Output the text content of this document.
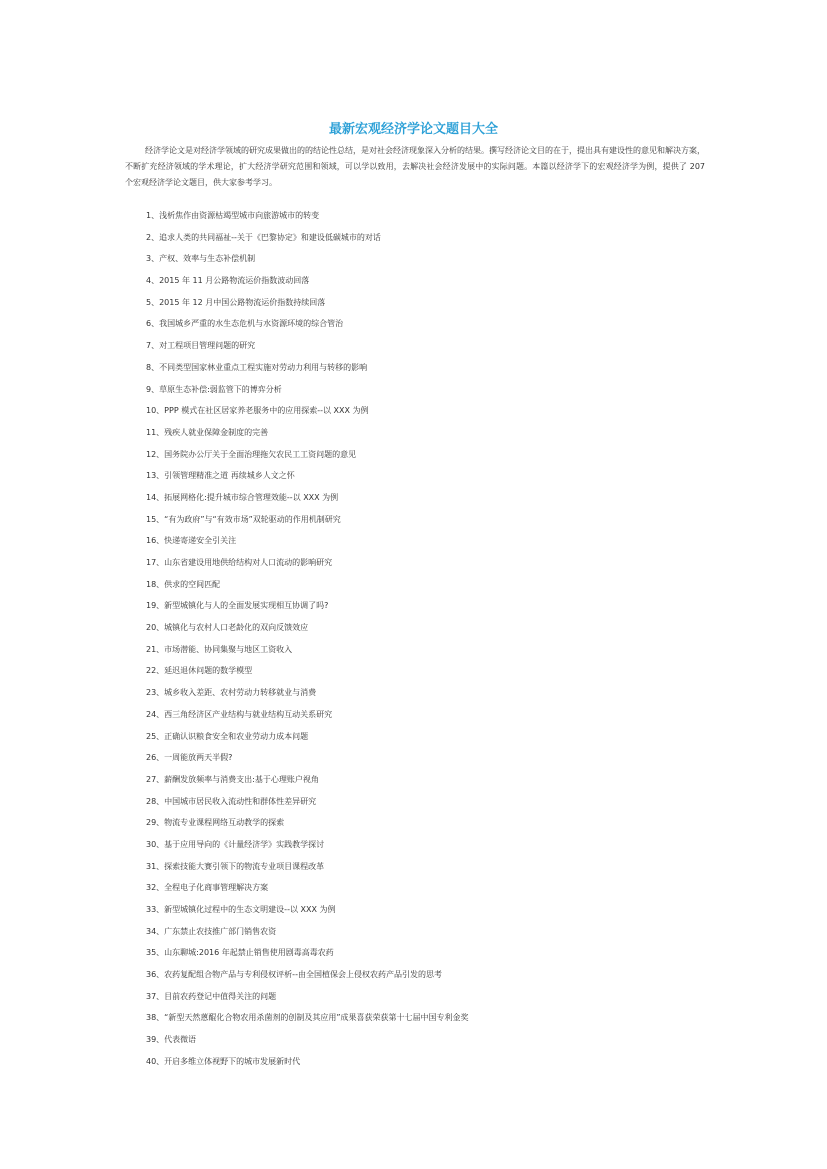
最新宏观经济学论文题目大全

经济学论文是对经济学领域的研究成果做出的的结论性总结，是对社会经济现象深入分析的结果。撰写经济论文目的在于，提出具有建设性的意见和解决方案，不断扩充经济领域的学术理论，扩大经济学研究范围和领域，可以学以致用，去解决社会经济发展中的实际问题。本篇以经济学下的宏观经济学为例，提供了 207 个宏观经济学论文题目，供大家参考学习。

1、浅析焦作由资源枯竭型城市向旅游城市的转变
2、追求人类的共同福祉--关于《巴黎协定》和建设低碳城市的对话
3、产权、效率与生态补偿机制
4、2015 年 11 月公路物流运价指数波动回落
5、2015 年 12 月中国公路物流运价指数持续回落
6、我国城乡严重的水生态危机与水资源环境的综合管治
7、对工程项目管理问题的研究
8、不同类型国家林业重点工程实施对劳动力利用与转移的影响
9、草原生态补偿:弱监管下的博弈分析
10、PPP 模式在社区居家养老服务中的应用探索--以 XXX 为例
11、残疾人就业保障金制度的完善
12、国务院办公厅关于全面治理拖欠农民工工资问题的意见
13、引领管理精准之道 再续城乡人文之怀
14、拓展网格化:提升城市综合管理效能--以 XXX 为例
15、“有为政府”与“有效市场”双轮驱动的作用机制研究
16、快递寄递安全引关注
17、山东省建设用地供给结构对人口流动的影响研究
18、供求的空间匹配
19、新型城镇化与人的全面发展实现相互协调了吗?
20、城镇化与农村人口老龄化的双向反馈效应
21、市场潜能、协同集聚与地区工资收入
22、延迟退休问题的数学模型
23、城乡收入差距、农村劳动力转移就业与消费
24、西三角经济区产业结构与就业结构互动关系研究
25、正确认识粮食安全和农业劳动力成本问题
26、一周能放两天半假?
27、薪酬发放频率与消费支出:基于心理账户视角
28、中国城市居民收入流动性和群体性差异研究
29、物流专业课程网络互动教学的探索
30、基于应用导向的《计量经济学》实践教学探讨
31、探索技能大赛引领下的物流专业项目课程改革
32、全程电子化商事管理解决方案
33、新型城镇化过程中的生态文明建设--以 XXX 为例
34、广东禁止农技推广部门销售农资
35、山东聊城:2016 年起禁止销售使用剧毒高毒农药
36、农药复配组合物产品与专利侵权评析--由全国植保会上侵权农药产品引发的思考
37、目前农药登记中值得关注的问题
38、“新型天然蒽醌化合物农用杀菌剂的创制及其应用”成果喜获荣获第十七届中国专利金奖
39、代表微语
40、开启多维立体视野下的城市发展新时代
